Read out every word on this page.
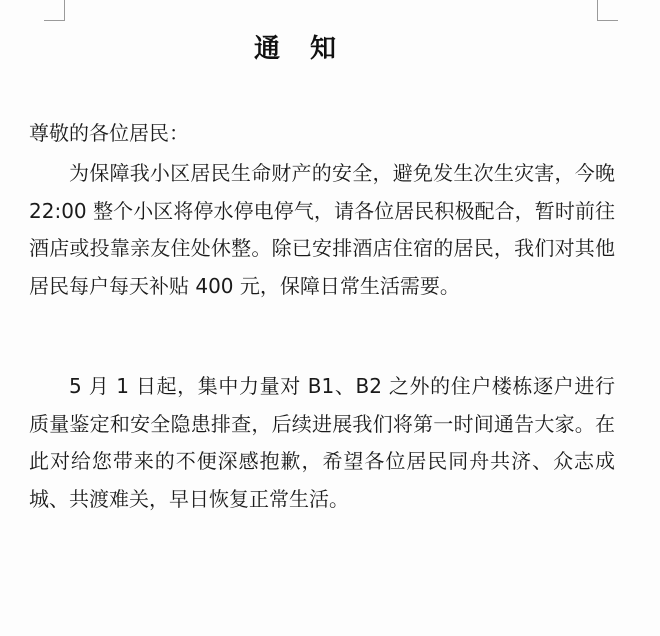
通知
尊敬的各位居民：
为保障我小区居民生命财产的安全，避免发生次生灾害，今晚 22:00 整个小区将停水停电停气，请各位居民积极配合，暂时前往酒店或投靠亲友住处休整。除已安排酒店住宿的居民，我们对其他居民每户每天补贴 400 元，保障日常生活需要。
5 月 1 日起，集中力量对 B1、B2 之外的住户楼栋逐户进行质量鉴定和安全隐患排查，后续进展我们将第一时间通告大家。在此对给您带来的不便深感抱歉，希望各位居民同舟共济、众志成城、共渡难关，早日恢复正常生活。
